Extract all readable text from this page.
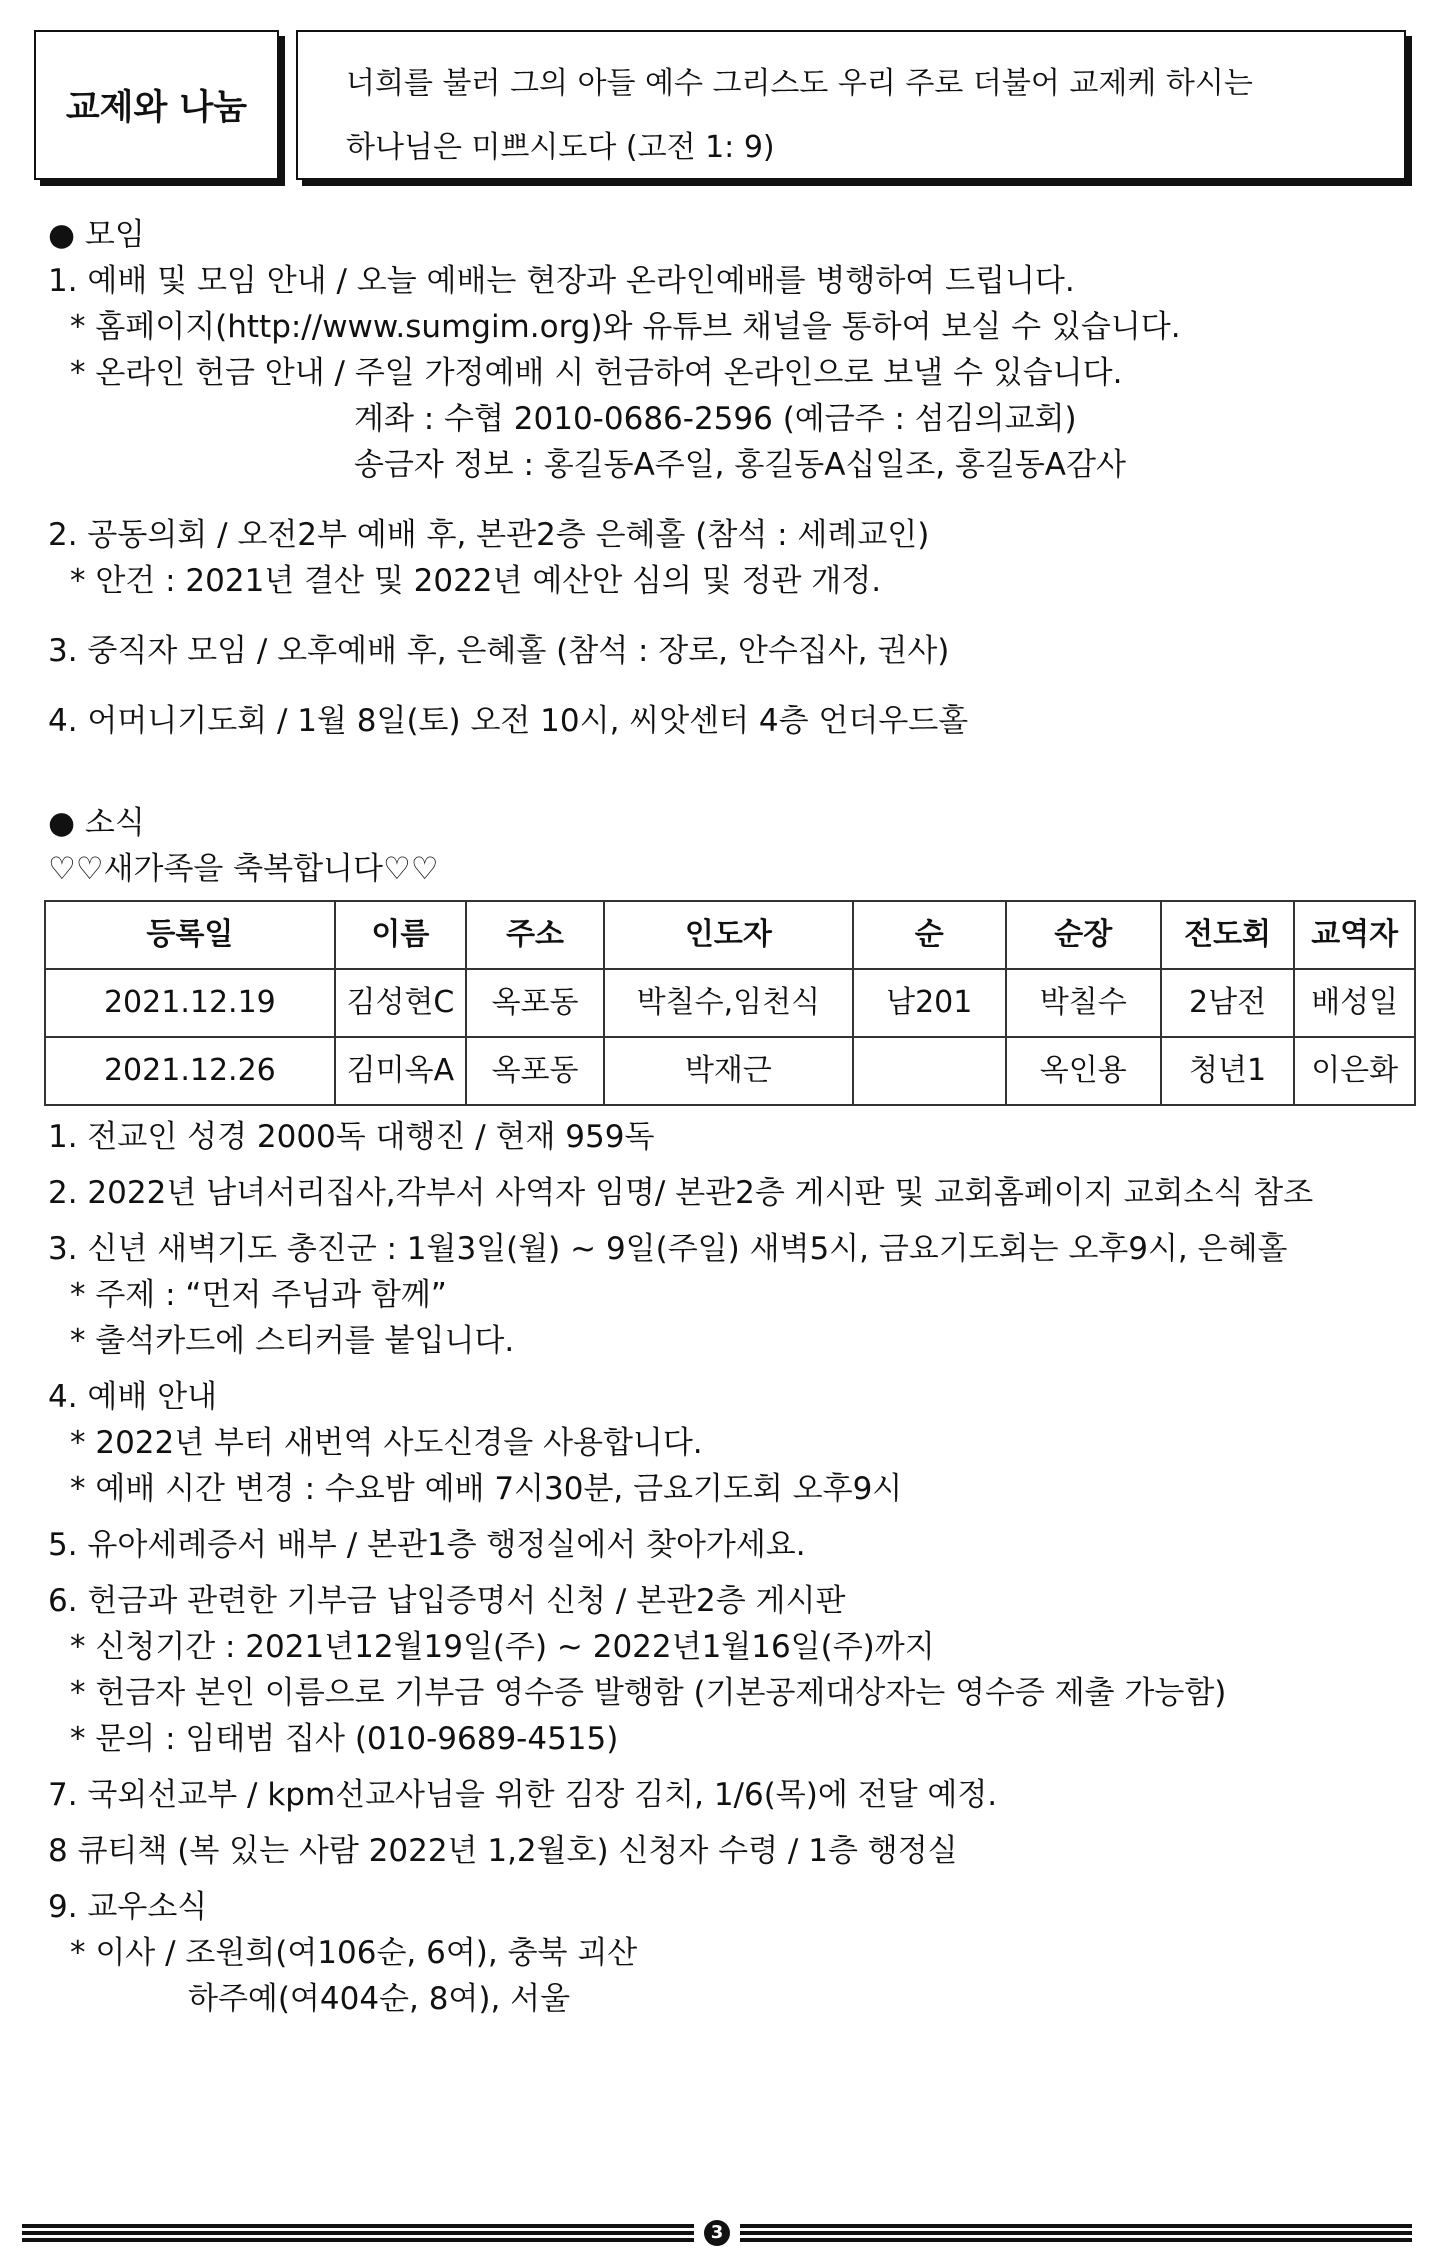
교제와 나눔
너희를 불러 그의 아들 예수 그리스도 우리 주로 더불어 교제케 하시는
하나님은 미쁘시도다 (고전 1: 9)
● 모임
1. 예배 및 모임 안내 / 오늘 예배는 현장과 온라인예배를 병행하여 드립니다.
* 홈페이지(http://www.sumgim.org)와 유튜브 채널을 통하여 보실 수 있습니다.
* 온라인 헌금 안내 / 주일 가정예배 시 헌금하여 온라인으로 보낼 수 있습니다.
계좌 : 수협 2010-0686-2596 (예금주 : 섬김의교회)
송금자 정보 : 홍길동A주일, 홍길동A십일조, 홍길동A감사
2. 공동의회 / 오전2부 예배 후, 본관2층 은혜홀 (참석 : 세례교인)
* 안건 : 2021년 결산 및 2022년 예산안 심의 및 정관 개정.
3. 중직자 모임 / 오후예배 후, 은혜홀 (참석 : 장로, 안수집사, 권사)
4. 어머니기도회 / 1월 8일(토) 오전 10시, 씨앗센터 4층 언더우드홀
● 소식
♡♡새가족을 축복합니다♡♡
등록일	이름	주소	인도자	순	순장	전도회	교역자
2021.12.19	김성현C	옥포동	박칠수,임천식	남201	박칠수	2남전	배성일
2021.12.26	김미옥A	옥포동	박재근		옥인용	청년1	이은화
1. 전교인 성경 2000독 대행진 / 현재 959독
2. 2022년 남녀서리집사,각부서 사역자 임명/ 본관2층 게시판 및 교회홈페이지 교회소식 참조
3. 신년 새벽기도 총진군 : 1월3일(월) ~ 9일(주일) 새벽5시, 금요기도회는 오후9시, 은혜홀
* 주제 : “먼저 주님과 함께”
* 출석카드에 스티커를 붙입니다.
4. 예배 안내
* 2022년 부터 새번역 사도신경을 사용합니다.
* 예배 시간 변경 : 수요밤 예배 7시30분, 금요기도회 오후9시
5. 유아세례증서 배부 / 본관1층 행정실에서 찾아가세요.
6. 헌금과 관련한 기부금 납입증명서 신청 / 본관2층 게시판
* 신청기간 : 2021년12월19일(주) ~ 2022년1월16일(주)까지
* 헌금자 본인 이름으로 기부금 영수증 발행함 (기본공제대상자는 영수증 제출 가능함)
* 문의 : 임태범 집사 (010-9689-4515)
7. 국외선교부 / kpm선교사님을 위한 김장 김치, 1/6(목)에 전달 예정.
8 큐티책 (복 있는 사람 2022년 1,2월호) 신청자 수령 / 1층 행정실
9. 교우소식
* 이사 / 조원희(여106순, 6여), 충북 괴산
하주예(여404순, 8여), 서울
3
